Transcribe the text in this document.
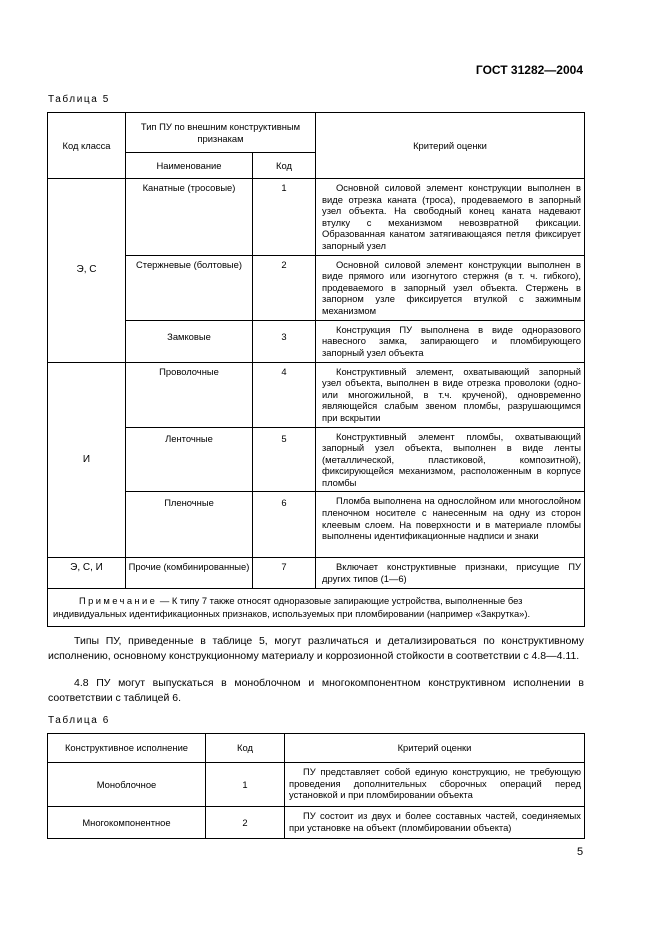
ГОСТ 31282—2004
Таблица 5
Код класса	Тип ПУ по внешним конструктивным признакам		Критерий оценки
	Наименование	Код	
Э, С	Канатные (тросовые)	1	Основной силовой элемент конструкции выполнен в виде отрезка каната (троса), продеваемого в запорный узел объекта. На свободный конец каната надевают втулку с механизмом невозвратной фиксации. Образованная канатом затягивающаяся петля фиксирует запорный узел
	Стержневые (болтовые)	2	Основной силовой элемент конструкции выполнен в виде прямого или изогнутого стержня (в т. ч. гибкого), продеваемого в запорный узел объекта. Стержень в запорном узле фиксируется втулкой с зажимным механизмом
	Замковые	3	Конструкция ПУ выполнена в виде одноразового навесного замка, запирающего и пломбирующего запорный узел объекта
И	Проволочные	4	Конструктивный элемент, охватывающий запорный узел объекта, выполнен в виде отрезка проволоки (одно- или многожильной, в т.ч. крученой), одновременно являющейся слабым звеном пломбы, разрушающимся при вскрытии
	Ленточные	5	Конструктивный элемент пломбы, охватывающий запорный узел объекта, выполнен в виде ленты (металлической, пластиковой, композитной), фиксирующейся механизмом, расположенным в корпусе пломбы
	Пленочные	6	Пломба выполнена на однослойном или многослойном пленочном носителе с нанесенным на одну из сторон клеевым слоем. На поверхности и в материале пломбы выполнены идентификационные надписи и знаки
Э, С, И	Прочие (комбинированные)	7	Включает конструктивные признаки, присущие ПУ других типов (1—6)
Примечание — К типу 7 также относят одноразовые запирающие устройства, выполненные без индивидуальных идентификационных признаков, используемых при пломбировании (например «Закрутка»).			
Типы ПУ, приведенные в таблице 5, могут различаться и детализироваться по конструктивному исполнению, основному конструкционному материалу и коррозионной стойкости в соответствии с 4.8—4.11.
4.8 ПУ могут выпускаться в моноблочном и многокомпонентном конструктивном исполнении в соответствии с таблицей 6.
Таблица 6
Конструктивное исполнение	Код	Критерий оценки
Моноблочное	1	ПУ представляет собой единую конструкцию, не требующую проведения дополнительных сборочных операций перед установкой и при пломбировании объекта

Многокомпонентное	2	ПУ состоит из двух и более составных частей, соединяемых при установке на объект (пломбировании объекта)
5
